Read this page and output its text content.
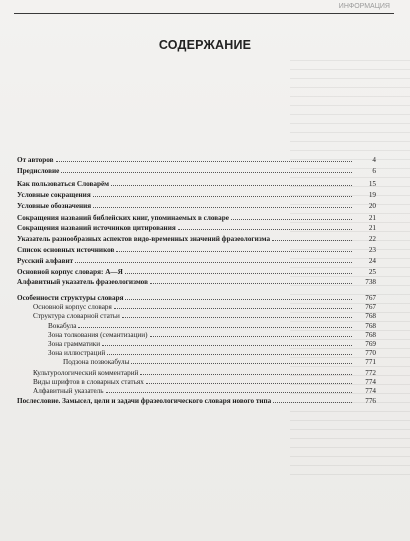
ИНФОРМАЦИЯ
СОДЕРЖАНИЕ
От авторов	4
Предисловие	6
Как пользоваться Словарём	15
Условные сокращения	19
Условные обозначения	20
Сокращения названий библейских книг, упоминаемых в словаре	21
Сокращения названий источников цитирования	21
Указатель разнообразных аспектов видо-временных значений фразеологизма	22
Список основных источников	23
Русский алфавит	24
Основной корпус словаря: А—Я	25
Алфавитный указатель фразеологизмов	738
Особенности структуры словаря	767
Основной корпус словаря	767
Структура словарной статьи	768
Вокабула	768
Зона толкования (семантизации)	768
Зона грамматики	769
Зона иллюстраций	770
Подзона позвокабулы	771
Культурологический комментарий	772
Виды шрифтов в словарных статьях	774
Алфавитный указатель	774
Послесловие. Замысел, цели и задачи фразеологического словаря нового типа	776
